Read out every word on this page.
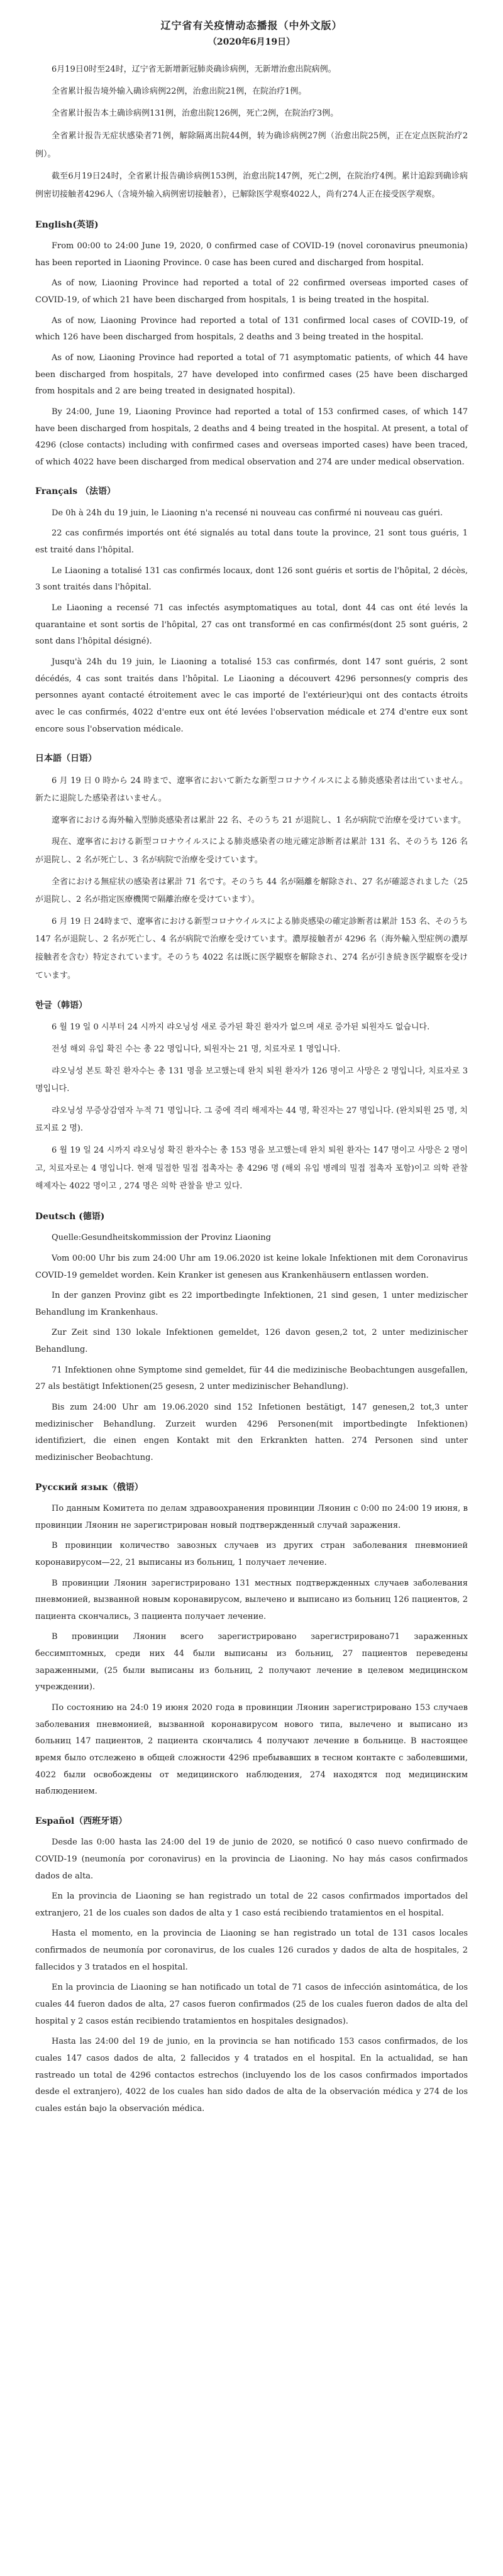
辽宁省有关疫情动态播报（中外文版）
（2020年6月19日）

6月19日0时至24时，辽宁省无新增新冠肺炎确诊病例，无新增治愈出院病例。

全省累计报告境外输入确诊病例22例，治愈出院21例，在院治疗1例。

全省累计报告本土确诊病例131例，治愈出院126例，死亡2例，在院治疗3例。

全省累计报告无症状感染者71例，解除隔离出院44例，转为确诊病例27例（治愈出院25例，正在定点医院治疗2例）。

截至6月19日24时，全省累计报告确诊病例153例，治愈出院147例，死亡2例，在院治疗4例。累计追踪到确诊病例密切接触者4296人（含境外输入病例密切接触者），已解除医学观察4022人，尚有274人正在接受医学观察。

English(英语)

From 00:00 to 24:00 June 19, 2020, 0 confirmed case of COVID-19 (novel coronavirus pneumonia) has been reported in Liaoning Province. 0 case has been cured and discharged from hospital.

As of now, Liaoning Province had reported a total of 22 confirmed overseas imported cases of COVID-19, of which 21 have been discharged from hospitals, 1 is being treated in the hospital.

As of now, Liaoning Province had reported a total of 131 confirmed local cases of COVID-19, of which 126 have been discharged from hospitals, 2 deaths and 3 being treated in the hospital.

As of now, Liaoning Province had reported a total of 71 asymptomatic patients, of which 44 have been discharged from hospitals, 27 have developed into confirmed cases (25 have been discharged from hospitals and 2 are being treated in designated hospital).

By 24:00, June 19, Liaoning Province had reported a total of 153 confirmed cases, of which 147 have been discharged from hospitals, 2 deaths and 4 being treated in the hospital. At present, a total of 4296 (close contacts) including with confirmed cases and overseas imported cases) have been traced, of which 4022 have been discharged from medical observation and 274 are under medical observation.

Français （法语）

De 0h à 24h du 19 juin, le Liaoning n'a recensé ni nouveau cas confirmé ni nouveau cas guéri.

22 cas confirmés importés ont été signalés au total dans toute la province, 21 sont tous guéris, 1 est traité dans l'hôpital.

Le Liaoning a totalisé 131 cas confirmés locaux, dont 126 sont guéris et sortis de l'hôpital, 2 décès, 3 sont traités dans l'hôpital.

Le Liaoning a recensé 71 cas infectés asymptomatiques au total, dont 44 cas ont été levés la quarantaine et sont sortis de l'hôpital, 27 cas ont transformé en cas confirmés(dont 25 sont guéris, 2 sont dans l'hôpital désigné).

Jusqu'à 24h du 19 juin, le Liaoning a totalisé 153 cas confirmés, dont 147 sont guéris, 2 sont décédés, 4 cas sont traités dans l'hôpital. Le Liaoning a découvert 4296 personnes(y compris des personnes ayant contacté étroitement avec le cas importé de l'extérieur)qui ont des contacts étroits avec le cas confirmés, 4022 d'entre eux ont été levées l'observation médicale et 274 d'entre eux sont encore sous l'observation médicale.

日本語（日语）

6 月 19 日 0 時から 24 時まで、遼寧省において新たな新型コロナウイルスによる肺炎感染者は出ていません。新たに退院した感染者はいません。

遼寧省における海外輸入型肺炎感染者は累計 22 名、そのうち 21 が退院し、1 名が病院で治療を受けています。

現在、遼寧省における新型コロナウイルスによる肺炎感染者の地元確定診断者は累計 131 名、そのうち 126 名が退院し、2 名が死亡し、3 名が病院で治療を受けています。

全省における無症状の感染者は累計 71 名です。そのうち 44 名が隔離を解除され、27 名が確認されました（25 が退院し、2 名が指定医療機関で隔離治療を受けています）。

6 月 19 日 24時まで、遼寧省における新型コロナウイルスによる肺炎感染の確定診断者は累計 153 名、そのうち 147 名が退院し、2 名が死亡し、4 名が病院で治療を受けています。濃厚接触者が 4296 名（海外輸入型症例の濃厚接触者を含む）特定されています。そのうち 4022 名は既に医学観察を解除され、274 名が引き続き医学観察を受けています。

한글（韩语）

6 월 19 일 0 시부터 24 시까지 랴오닝성 새로 증가된 확진 환자가 없으며 새로 증가된 퇴원자도 없습니다.

전성 해외 유입 확진 수는 총 22 명입니다, 퇴원자는 21 명, 치료자로 1 명입니다.

랴오닝성 본토 확진 환자수는 총 131 명을 보고했는데 완치 퇴원 환자가 126 명이고 사망은 2 명입니다, 치료자로 3 명입니다.

랴오닝성 무증상감염자 누적 71 명입니다. 그 중에 격리 해제자는 44 명, 확진자는 27 명입니다. (완치퇴원 25 명, 치료지료 2 명).

6 월 19 일 24 시까지 랴오닝성 확진 환자수는 총 153 명을 보고했는데 완치 퇴원 환자는 147 명이고 사망은 2 명이고, 치료자로는 4 명입니다. 현재 밀접한 밀접 접촉자는 총 4296 명 (해외 유입 병례의 밀접 접촉자 포함)이고 의학 관찰 해제자는 4022 명이고 , 274 명은 의학 관찰을 받고 있다.

Deutsch (德语)

Quelle:Gesundheitskommission der Provinz Liaoning

Vom 00:00 Uhr bis zum 24:00 Uhr am 19.06.2020 ist keine lokale Infektionen mit dem Coronavirus COVID-19 gemeldet worden. Kein Kranker ist genesen aus Krankenhäusern entlassen worden.

In der ganzen Provinz gibt es 22 importbedingte Infektionen, 21 sind gesen, 1 unter medizischer Behandlung im Krankenhaus.

Zur Zeit sind 130 lokale Infektionen gemeldet, 126 davon gesen,2 tot, 2 unter medizinischer Behandlung.

71 Infektionen ohne Symptome sind gemeldet, für 44 die medizinische Beobachtungen ausgefallen, 27 als bestätigt Infektionen(25 gesesn, 2 unter medizinischer Behandlung).

Bis zum 24:00 Uhr am 19.06.2020 sind 152 Infetionen bestätigt, 147 genesen,2 tot,3 unter medizinischer Behandlung. Zurzeit wurden 4296 Personen(mit importbedingte Infektionen) identifiziert, die einen engen Kontakt mit den Erkrankten hatten. 274 Personen sind unter medizinischer Beobachtung.

Русский язык（俄语）

По данным Комитета по делам здравоохранения провинции Ляонин с 0:00 по 24:00 19 июня, в провинции Ляонин не зарегистрирован новый подтвержденный случай заражения.

В провинции количество завозных случаев из других стран заболевания пневмонией коронавирусом—22, 21 выписаны из больниц, 1 получает лечение.

В провинции Ляонин зарегистрировано 131 местных подтвержденных случаев заболевания пневмонией, вызванной новым коронавирусом, вылечено и выписано из больниц 126 пациентов, 2 пациента скончались, 3 пациента получает лечение.

В провинции Ляонин всего зарегистрировано зарегистрировано71 зараженных бессимптомных, среди них 44 были выписаны из больниц, 27 пациентов переведены зараженными, (25 были выписаны из больниц, 2 получают лечение в целевом медицинском учреждении).

По состоянию на 24:0 19 июня 2020 года в провинции Ляонин зарегистрировано 153 случаев заболевания пневмонией, вызванной коронавирусом нового типа, вылечено и выписано из больниц 147 пациентов, 2 пациента скончались 4 получают лечение в больнице. В настоящее время было отслежено в общей сложности 4296 пребывавших в тесном контакте с заболевшими, 4022 были освобождены от медицинского наблюдения, 274 находятся под медицинским наблюдением.

Español（西班牙语）

Desde las 0:00 hasta las 24:00 del 19 de junio de 2020, se notificó 0 caso nuevo confirmado de COVID-19 (neumonía por coronavirus) en la provincia de Liaoning. No hay más casos confirmados dados de alta.

En la provincia de Liaoning se han registrado un total de 22 casos confirmados importados del extranjero, 21 de los cuales son dados de alta y 1 caso está recibiendo tratamientos en el hospital.

Hasta el momento, en la provincia de Liaoning se han registrado un total de 131 casos locales confirmados de neumonía por coronavirus, de los cuales 126 curados y dados de alta de hospitales, 2 fallecidos y 3 tratados en el hospital.

En la provincia de Liaoning se han notificado un total de 71 casos de infección asintomática, de los cuales 44 fueron dados de alta, 27 casos fueron confirmados (25 de los cuales fueron dados de alta del hospital y 2 casos están recibiendo tratamientos en hospitales designados).

Hasta las 24:00 del 19 de junio, en la provincia se han notificado 153 casos confirmados, de los cuales 147 casos dados de alta, 2 fallecidos y 4 tratados en el hospital. En la actualidad, se han rastreado un total de 4296 contactos estrechos (incluyendo los de los casos confirmados importados desde el extranjero), 4022 de los cuales han sido dados de alta de la observación médica y 274 de los cuales están bajo la observación médica.
